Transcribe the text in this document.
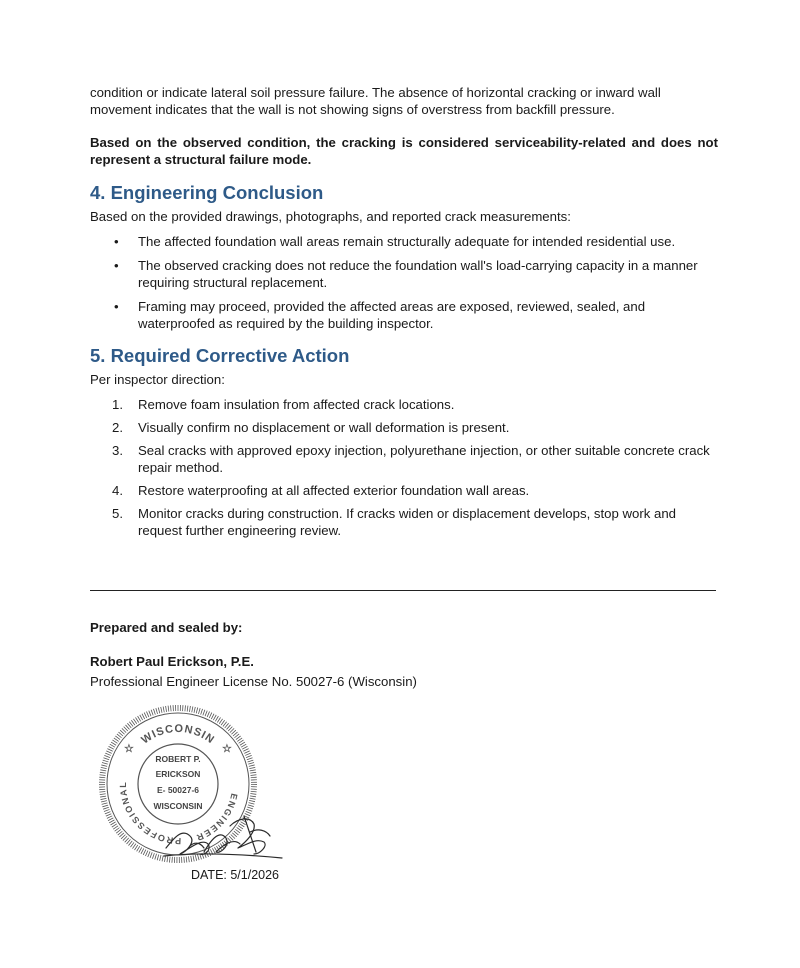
condition or indicate lateral soil pressure failure. The absence of horizontal cracking or inward wall movement indicates that the wall is not showing signs of overstress from backfill pressure.

Based on the observed condition, the cracking is considered serviceability-related and does not represent a structural failure mode.

4. Engineering Conclusion

Based on the provided drawings, photographs, and reported crack measurements:

• The affected foundation wall areas remain structurally adequate for intended residential use.
• The observed cracking does not reduce the foundation wall's load-carrying capacity in a manner requiring structural replacement.
• Framing may proceed, provided the affected areas are exposed, reviewed, sealed, and waterproofed as required by the building inspector.
5. Required Corrective Action

Per inspector direction:

1. Remove foam insulation from affected crack locations.
2. Visually confirm no displacement or wall deformation is present.
3. Seal cracks with approved epoxy injection, polyurethane injection, or other suitable concrete crack repair method.
4. Restore waterproofing at all affected exterior foundation wall areas.
5. Monitor cracks during construction. If cracks widen or displacement develops, stop work and request further engineering review.

Prepared and sealed by:

Robert Paul Erickson, P.E.

Professional Engineer License No. 50027-6 (Wisconsin)

WISCONSIN
PROFESSIONAL
ENGINEER
☆	☆
ROBERT P.
ERICKSON
E- 50027-6
WISCONSIN
DATE: 5/1/2026
